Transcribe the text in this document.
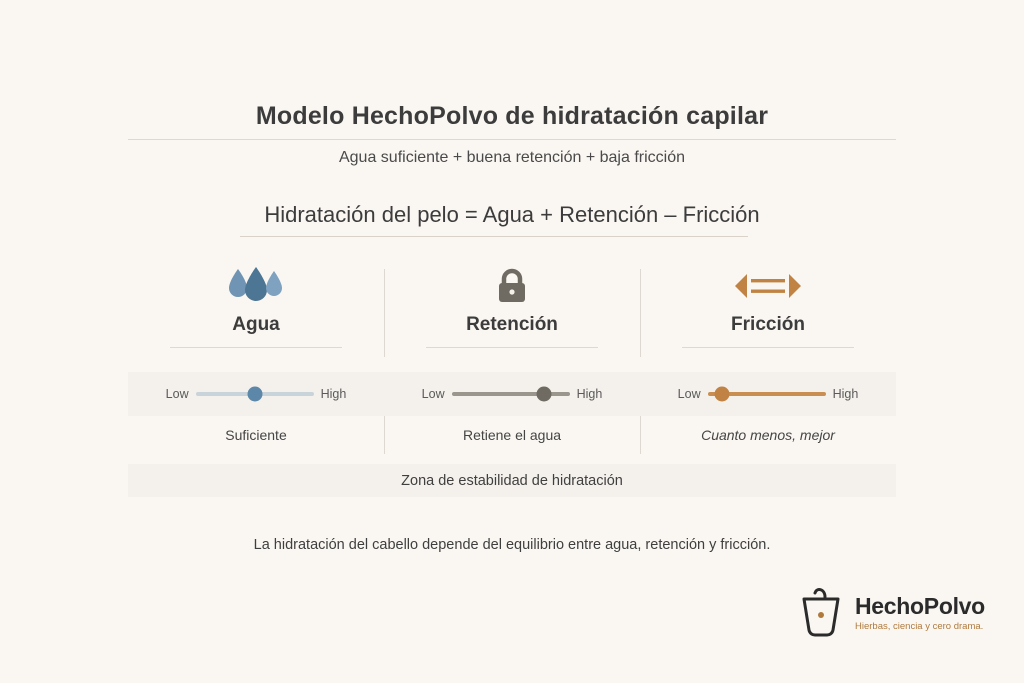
Modelo HechoPolvo de hidratación capilar
Agua suficiente + buena retención + baja fricción
Hidratación del pelo = Agua + Retención – Fricción
Agua	Retención	Fricción
Low	High	Low	High	Low	High
Suficiente	Retiene el agua	Cuanto menos, mejor
Zona de estabilidad de hidratación
La hidratación del cabello depende del equilibrio entre agua, retención y fricción.
HechoPolvo
Hierbas, ciencia y cero drama.
